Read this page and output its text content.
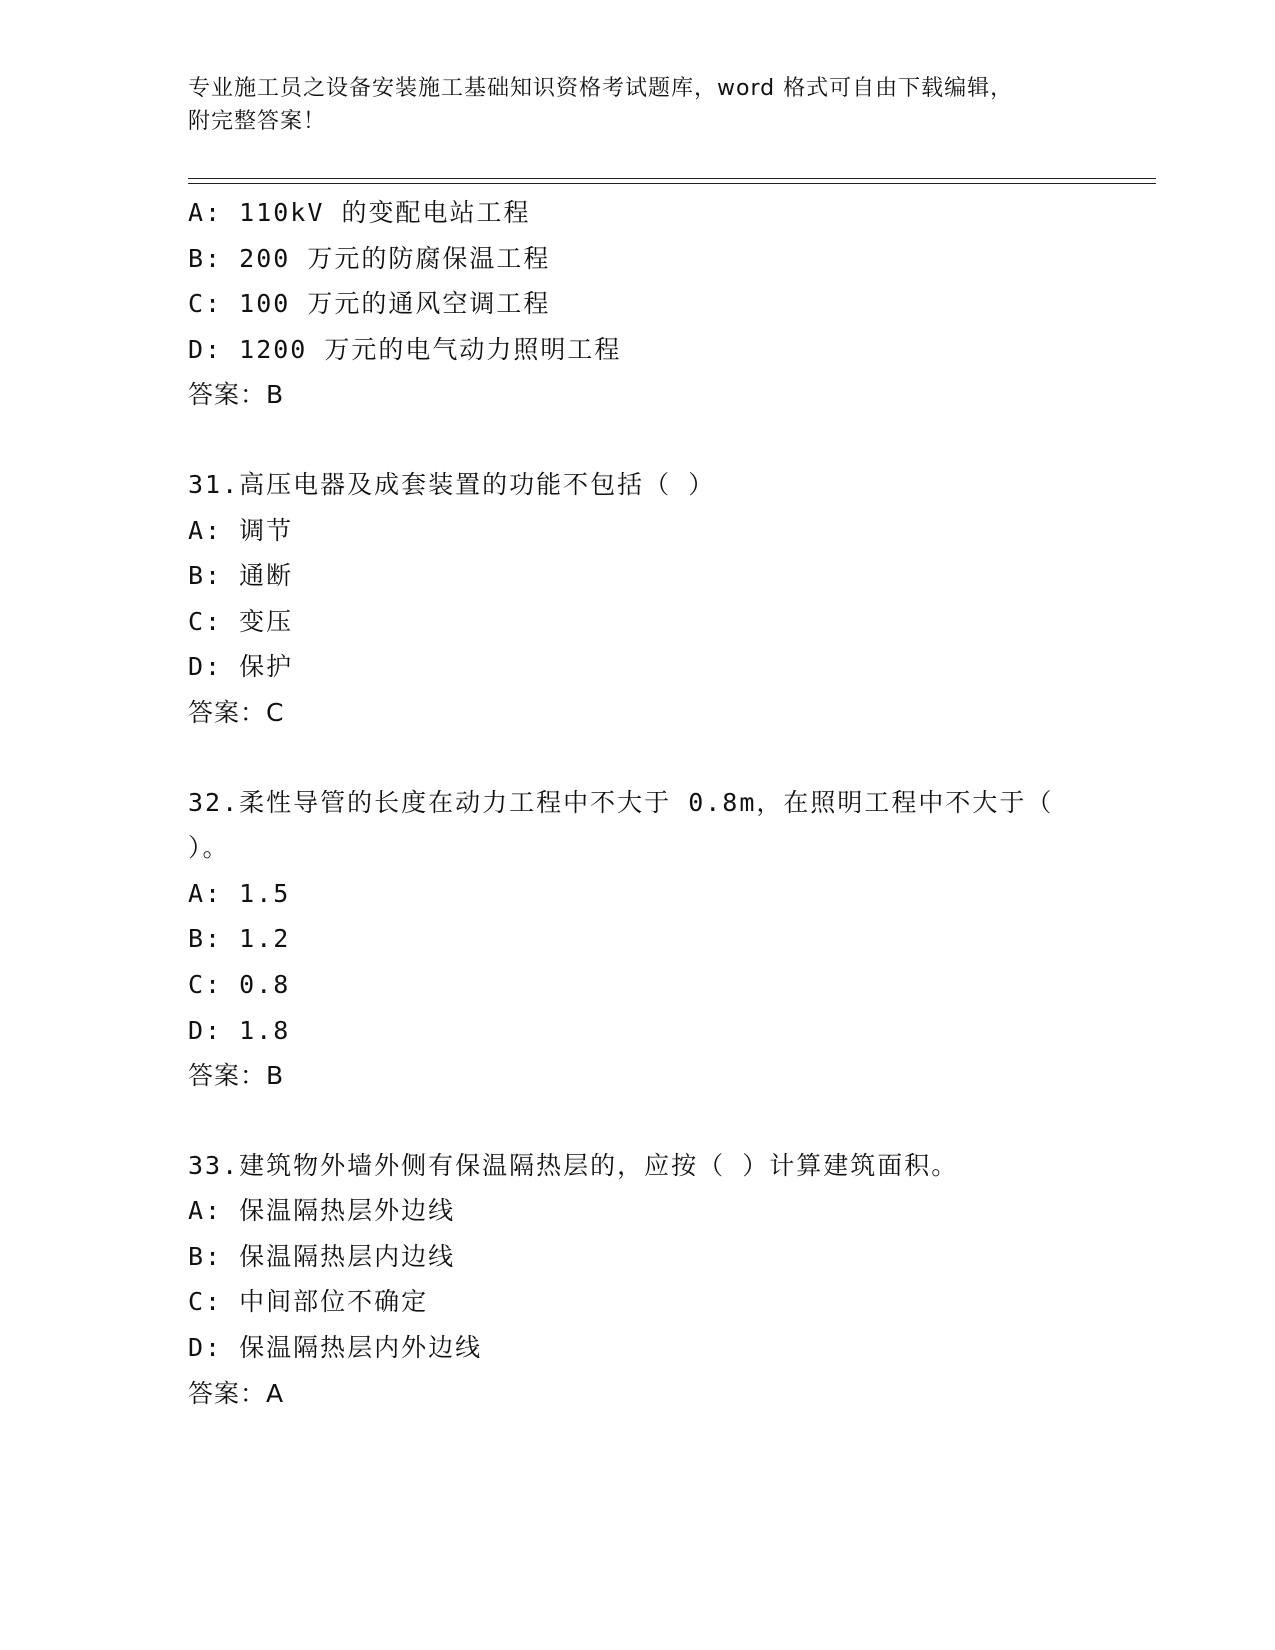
专业施工员之设备安装施工基础知识资格考试题库，word 格式可自由下载编辑，
附完整答案！
A: 110kV 的变配电站工程
B: 200 万元的防腐保温工程
C: 100 万元的通风空调工程
D: 1200 万元的电气动力照明工程
答案：B
31.高压电器及成套装置的功能不包括（ ）
A: 调节
B: 通断
C: 变压
D: 保护
答案：C
32.柔性导管的长度在动力工程中不大于 0.8m，在照明工程中不大于（
）。
A: 1.5
B: 1.2
C: 0.8
D: 1.8
答案：B
33.建筑物外墙外侧有保温隔热层的，应按（ ）计算建筑面积。
A: 保温隔热层外边线
B: 保温隔热层内边线
C: 中间部位不确定
D: 保温隔热层内外边线
答案：A
